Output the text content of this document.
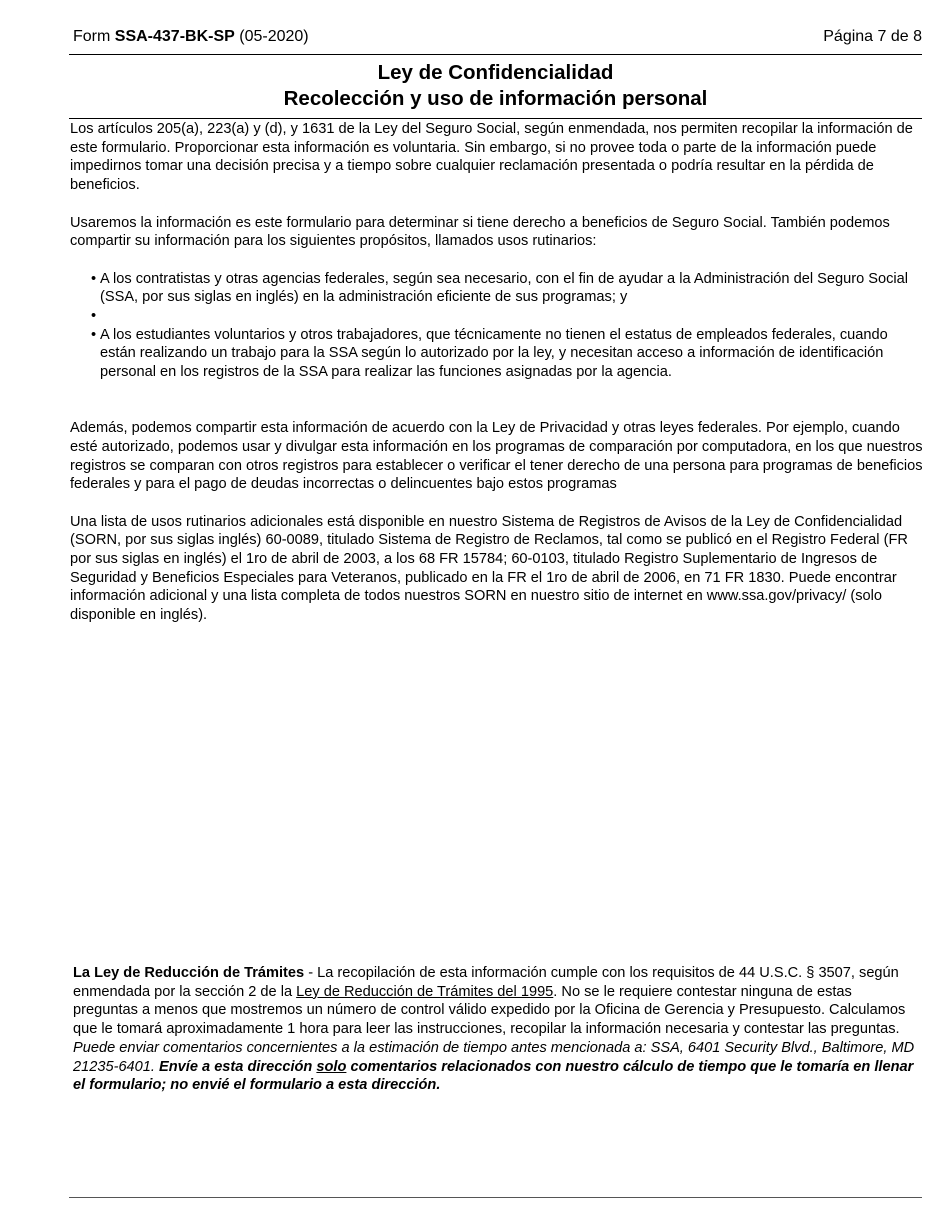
Form SSA-437-BK-SP (05-2020)	Página 7 de 8
Ley de Confidencialidad
Recolección y uso de información personal

Los artículos 205(a), 223(a) y (d), y 1631 de la Ley del Seguro Social, según enmendada, nos permiten recopilar la información de este formulario. Proporcionar esta información es voluntaria. Sin embargo, si no provee toda o parte de la información puede impedirnos tomar una decisión precisa y a tiempo sobre cualquier reclamación presentada o podría resultar en la pérdida de beneficios.

Usaremos la información es este formulario para determinar si tiene derecho a beneficios de Seguro Social. También podemos compartir su información para los siguientes propósitos, llamados usos rutinarios:

• A los contratistas y otras agencias federales, según sea necesario, con el fin de ayudar a la Administración del Seguro Social (SSA, por sus siglas en inglés) en la administración eficiente de sus programas; y
•
• A los estudiantes voluntarios y otros trabajadores, que técnicamente no tienen el estatus de empleados federales, cuando están realizando un trabajo para la SSA según lo autorizado por la ley, y necesitan acceso a información de identificación personal en los registros de la SSA para realizar las funciones asignadas por la agencia.

Además, podemos compartir esta información de acuerdo con la Ley de Privacidad y otras leyes federales. Por ejemplo, cuando esté autorizado, podemos usar y divulgar esta información en los programas de comparación por computadora, en los que nuestros registros se comparan con otros registros para establecer o verificar el tener derecho de una persona para programas de beneficios federales y para el pago de deudas incorrectas o delincuentes bajo estos programas

Una lista de usos rutinarios adicionales está disponible en nuestro Sistema de Registros de Avisos de la Ley de Confidencialidad (SORN, por sus siglas inglés) 60-0089, titulado Sistema de Registro de Reclamos, tal como se publicó en el Registro Federal (FR por sus siglas en inglés) el 1ro de abril de 2003, a los 68 FR 15784; 60-0103, titulado Registro Suplementario de Ingresos de Seguridad y Beneficios Especiales para Veteranos, publicado en la FR el 1ro de abril de 2006, en 71 FR 1830. Puede encontrar información adicional y una lista completa de todos nuestros SORN en nuestro sitio de internet en www.ssa.gov/privacy/ (solo disponible en inglés).

La Ley de Reducción de Trámites - La recopilación de esta información cumple con los requisitos de 44 U.S.C. § 3507, según enmendada por la sección 2 de la Ley de Reducción de Trámites del 1995. No se le requiere contestar ninguna de estas preguntas a menos que mostremos un número de control válido expedido por la Oficina de Gerencia y Presupuesto. Calculamos que le tomará aproximadamente 1 hora para leer las instrucciones, recopilar la información necesaria y contestar las preguntas. Puede enviar comentarios concernientes a la estimación de tiempo antes mencionada a: SSA, 6401 Security Blvd., Baltimore, MD 21235-6401. Envíe a esta dirección solo comentarios relacionados con nuestro cálculo de tiempo que le tomaría en llenar el formulario; no envié el formulario a esta dirección.
